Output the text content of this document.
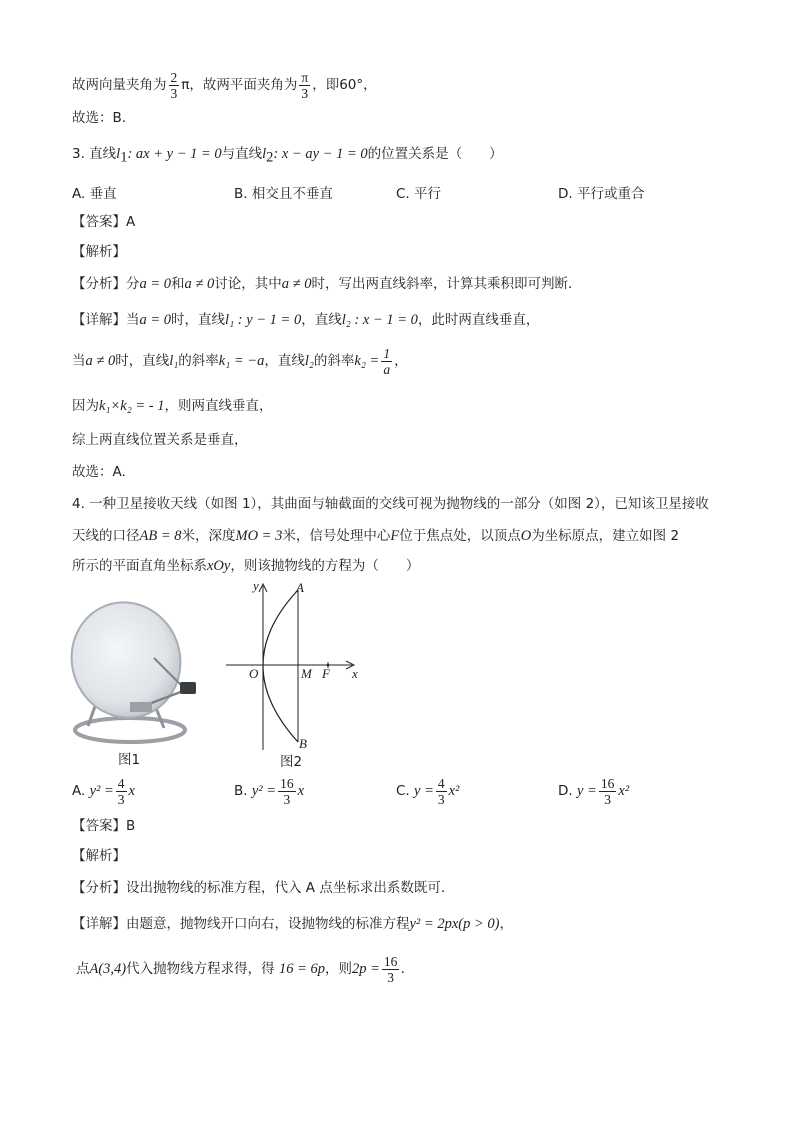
故两向量夹角为 $\frac{2}{3}$ π，故两平面夹角为 $\frac{\pi}{3}$ ，即60°，
故选：B.
3. 直线$l_1$: ax + y − 1 = 0与直线$l_2$: x − ay − 1 = 0的位置关系是（　　）
A. 垂直	B. 相交且不垂直	C. 平行	D. 平行或重合
【答案】A
【解析】
【分析】分a = 0和a ≠ 0讨论，其中a ≠ 0时，写出两直线斜率，计算其乘积即可判断.
【详解】当a = 0时，直线l₁ : y − 1 = 0，直线l₂ : x − 1 = 0，此时两直线垂直，
当a ≠ 0时，直线l₁的斜率k₁ = −a，直线l₂的斜率$k_2 = \frac{1}{a}$ ，
因为k₁×k₂ = - 1，则两直线垂直，
综上两直线位置关系是垂直，
故选：A.
4. 一种卫星接收天线（如图 1），其曲面与轴截面的交线可视为抛物线的一部分（如图 2），已知该卫星接收
天线的口径AB = 8米，深度MO = 3米，信号处理中心F位于焦点处，以顶点O为坐标原点，建立如图 2
所示的平面直角坐标系xOy，则该抛物线的方程为（　　）
图1
y	A
O	M F x
B
图2
A. $y^2 = \frac{4}{3}$ x	B. $y^2 = \frac{16}{3}$ x	C. $y = \frac{4}{3} x^2$	D. $y = \frac{16}{3} x^2$
【答案】B
【解析】
【分析】设出抛物线的标准方程，代入 A 点坐标求出系数既可.
【详解】由题意，抛物线开口向右，设抛物线的标准方程y² = 2px(p > 0)，
点A(3,4)代入抛物线方程求得，得 16 = 6p，则$2p = \frac{16}{3}$ .
